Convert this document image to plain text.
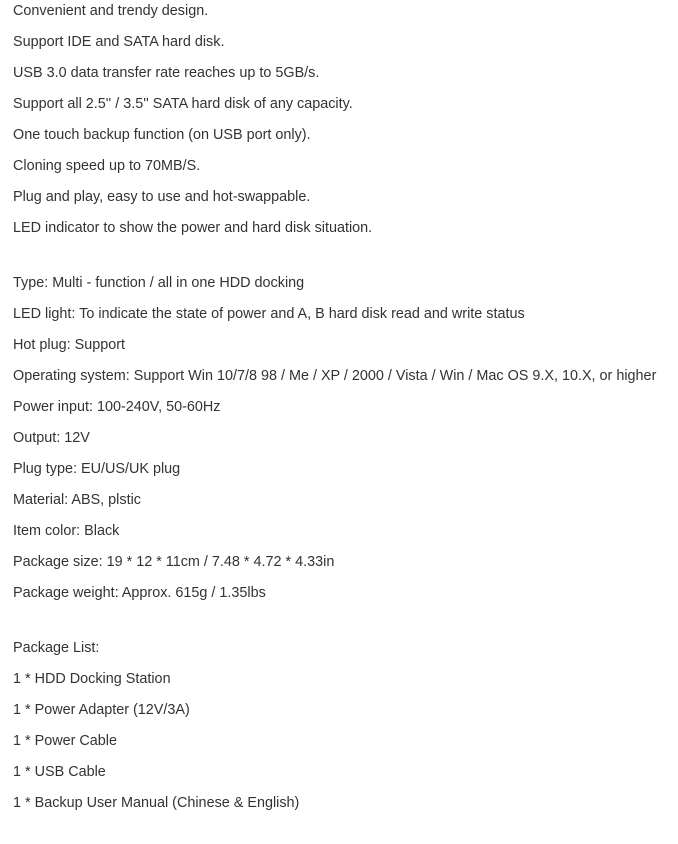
Convenient and trendy design.

Support IDE and SATA hard disk.

USB 3.0 data transfer rate reaches up to 5GB/s.

Support all 2.5'' / 3.5'' SATA hard disk of any capacity.

One touch backup function (on USB port only).

Cloning speed up to 70MB/S.

Plug and play, easy to use and hot-swappable.

LED indicator to show the power and hard disk situation.

Type: Multi - function / all in one HDD docking

LED light: To indicate the state of power and A, B hard disk read and write status

Hot plug: Support

Operating system: Support Win 10/7/8 98 / Me / XP / 2000 / Vista / Win / Mac OS 9.X, 10.X, or higher

Power input: 100-240V, 50-60Hz

Output: 12V

Plug type: EU/US/UK plug

Material: ABS, plstic

Item color: Black

Package size: 19 * 12 * 11cm / 7.48 * 4.72 * 4.33in

Package weight: Approx. 615g / 1.35lbs

Package List:

1 * HDD Docking Station

1 * Power Adapter (12V/3A)

1 * Power Cable

1 * USB Cable

1 * Backup User Manual (Chinese & English)
